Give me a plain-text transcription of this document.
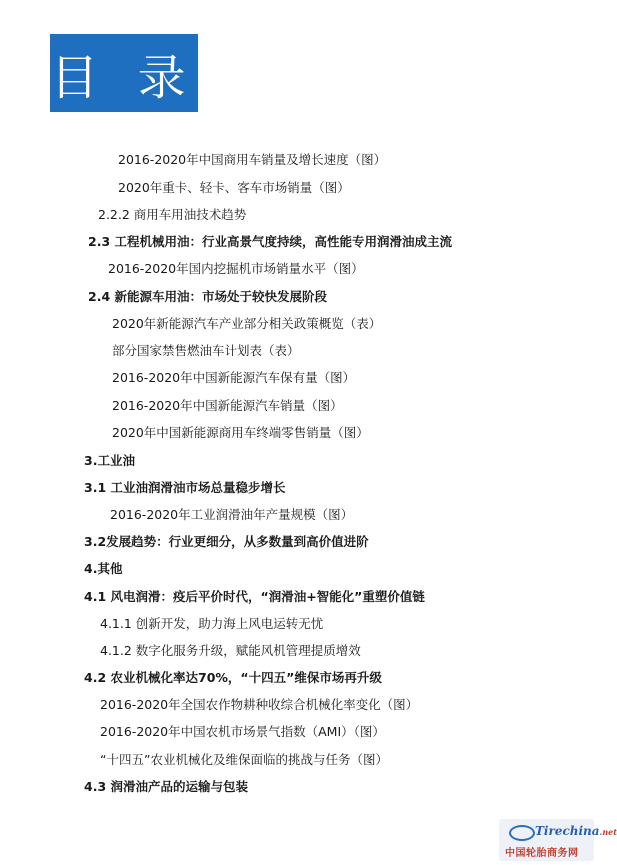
目 录
2016-2020年中国商用车销量及增长速度（图）
2020年重卡、轻卡、客车市场销量（图）
2.2.2 商用车用油技术趋势
2.3 工程机械用油：行业高景气度持续，高性能专用润滑油成主流
2016-2020年国内挖掘机市场销量水平（图）
2.4 新能源车用油：市场处于较快发展阶段
2020年新能源汽车产业部分相关政策概览（表）
部分国家禁售燃油车计划表（表）
2016-2020年中国新能源汽车保有量（图）
2016-2020年中国新能源汽车销量（图）
2020年中国新能源商用车终端零售销量（图）
3.工业油
3.1 工业油润滑油市场总量稳步增长
2016-2020年工业润滑油年产量规模（图）
3.2发展趋势：行业更细分，从多数量到高价值进阶
4.其他
4.1 风电润滑：疫后平价时代，“润滑油+智能化”重塑价值链
4.1.1 创新开发，助力海上风电运转无忧
4.1.2 数字化服务升级，赋能风机管理提质增效
4.2 农业机械化率达70%，“十四五”维保市场再升级
2016-2020年全国农作物耕种收综合机械化率变化（图）
2016-2020年中国农机市场景气指数（AMI）（图）
“十四五”农业机械化及维保面临的挑战与任务（图）
4.3 润滑油产品的运输与包装
Tirechina.net
中国轮胎商务网
